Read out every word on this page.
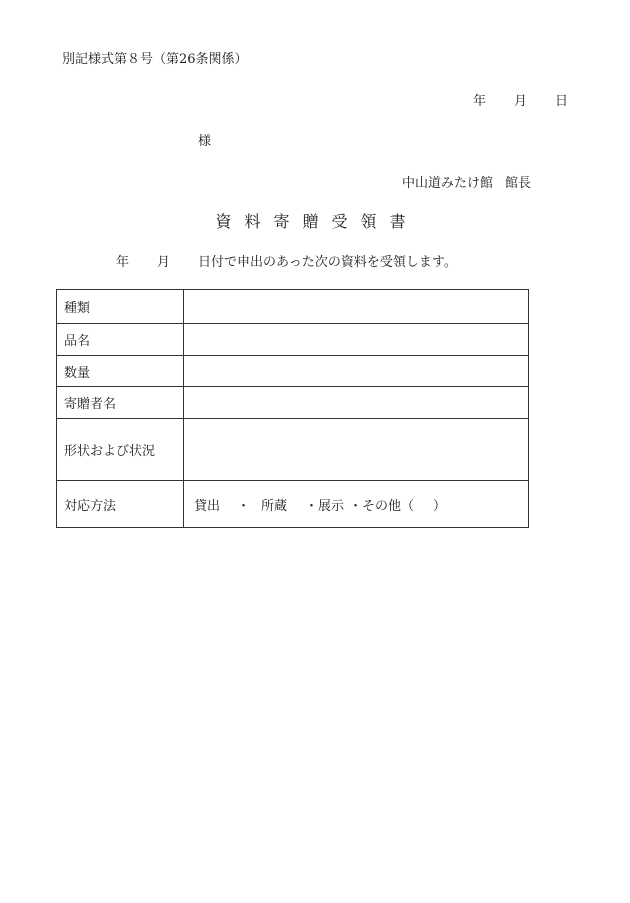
別記様式第８号（第26条関係）
年 月 日
様
中山道みたけ館 館長
資料寄贈受領書
年 月 日付で申出のあった次の資料を受領します。
種類	
品名	
数量	
寄贈者名	
形状および状況	
対応方法	貸出 ・ 所蔵 ・展示 ・その他（ ）
